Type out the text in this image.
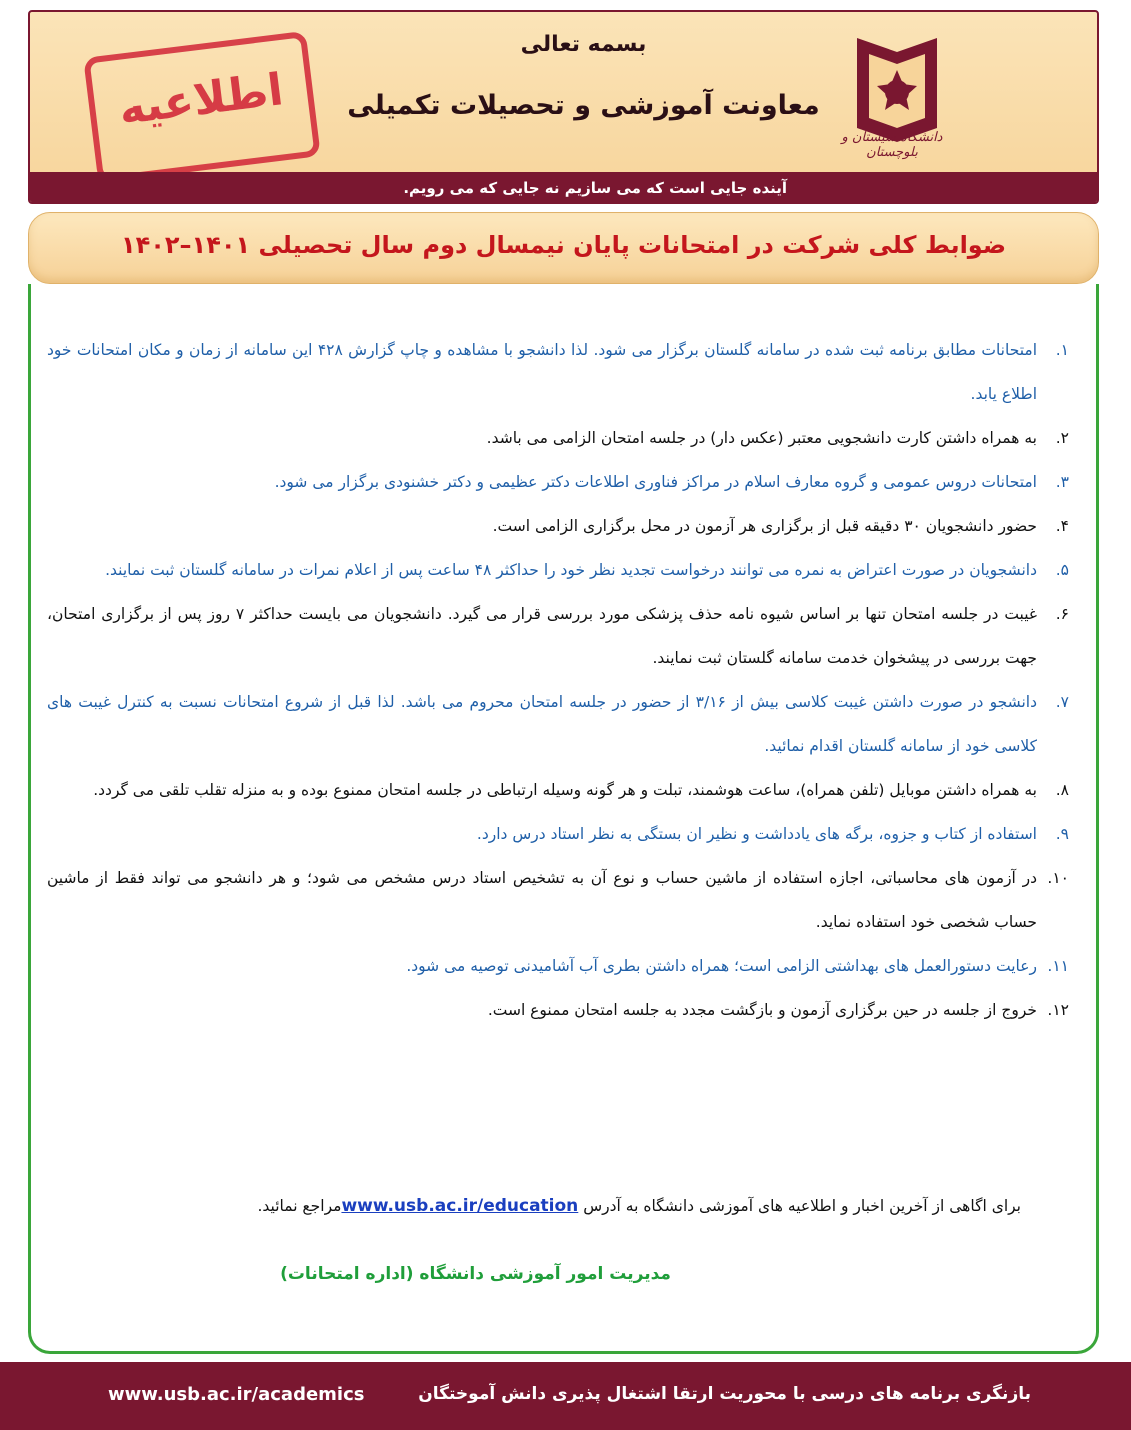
اطلاعیه
بسمه تعالی
معاونت آموزشی و تحصیلات تکمیلی
دانشگاه سیستان و بلوچستان
آینده جایی است که می سازیم نه جایی که می رویم.
ضوابط کلی شرکت در امتحانات پایان نیمسال دوم سال تحصیلی ۱۴۰۱–۱۴۰۲
۱.
امتحانات مطابق برنامه ثبت شده در سامانه گلستان برگزار می شود. لذا دانشجو با مشاهده و چاپ گزارش ۴۲۸ این سامانه از زمان و مکان امتحانات خود اطلاع یابد.
۲.
به همراه داشتن کارت دانشجویی معتبر (عکس دار) در جلسه امتحان الزامی می باشد.
۳.
امتحانات دروس عمومی و گروه معارف اسلام در مراکز فناوری اطلاعات دکتر عظیمی و دکتر خشنودی برگزار می شود.
۴.
حضور دانشجویان ۳۰ دقیقه قبل از برگزاری هر آزمون در محل برگزاری الزامی است.
۵.
دانشجویان در صورت اعتراض به نمره می توانند درخواست تجدید نظر خود را حداکثر ۴۸ ساعت پس از اعلام نمرات در سامانه گلستان ثبت نمایند.
۶.
غیبت در جلسه امتحان تنها بر اساس شیوه نامه حذف پزشکی مورد بررسی قرار می گیرد. دانشجویان می بایست حداکثر ۷ روز پس از برگزاری امتحان، جهت بررسی در پیشخوان خدمت سامانه گلستان ثبت نمایند.
۷.
دانشجو در صورت داشتن غیبت کلاسی بیش از ۳/۱۶ از حضور در جلسه امتحان محروم می باشد. لذا قبل از شروع امتحانات نسبت به کنترل غیبت های کلاسی خود از سامانه گلستان اقدام نمائید.
۸.
به همراه داشتن موبایل (تلفن همراه)، ساعت هوشمند، تبلت و هر گونه وسیله ارتباطی در جلسه امتحان ممنوع بوده و به منزله تقلب تلقی می گردد.
۹.
استفاده از کتاب و جزوه، برگه های یادداشت و نظیر ان بستگی به نظر استاد درس دارد.
۱۰.
در آزمون های محاسباتی، اجازه استفاده از ماشین حساب و نوع آن به تشخیص استاد درس مشخص می شود؛ و هر دانشجو می تواند فقط از ماشین حساب شخصی خود استفاده نماید.
۱۱.
رعایت دستورالعمل های بهداشتی الزامی است؛ همراه داشتن بطری آب آشامیدنی توصیه می شود.
۱۲.
خروج از جلسه در حین برگزاری آزمون و بازگشت مجدد به جلسه امتحان ممنوع است.
برای اگاهی از آخرین اخبار و اطلاعیه های آموزشی دانشگاه به آدرس www.usb.ac.ir/educationمراجع نمائید.
مدیریت امور آموزشی دانشگاه (اداره امتحانات)
بازنگری برنامه های درسی با محوریت ارتقا اشتغال پذیری دانش آموختگان
www.usb.ac.ir/academics
